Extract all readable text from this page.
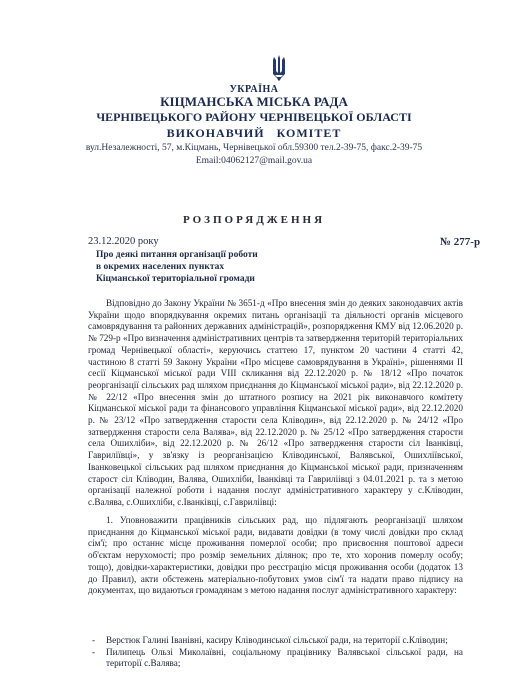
УКРАЇНА
КІЦМАНСЬКА МІСЬКА РАДА
ЧЕРНІВЕЦЬКОГО РАЙОНУ ЧЕРНІВЕЦЬКОЇ ОБЛАСТІ
ВИКОНАВЧИЙ КОМІТЕТ
вул.Незалежності, 57, м.Кіцмань, Чернівецької обл.59300 тел.2-39-75, факс.2-39-75
Email:04062127@mail.gov.ua
РОЗПОРЯДЖЕННЯ
23.12.2020 року	№ 277-р
Про деякі питання організації роботи
в окремих населених пунктах
Кіцманської територіальної громади
Відповідно до Закону України № 3651-д «Про внесення змін до деяких законодавчих актів України щодо впорядкування окремих питань організації та діяльності органів місцевого самоврядування та районних державних адміністрацій», розпорядження КМУ від 12.06.2020 р. № 729-р «Про визначення адміністративних центрів та затвердження територій територіальних громад Чернівецької області», керуючись статтею 17, пунктом 20 частини 4 статті 42, частиною 8 статті 59 Закону України «Про місцеве самоврядування в Україні», рішеннями ІІ сесії Кіцманської міської ради VІІІ скликання від 22.12.2020 р. № 18/12 «Про початок реорганізації сільських рад шляхом приєднання до Кіцманської міської ради», від 22.12.2020 р. № 22/12 «Про внесення змін до штатного розпису на 2021 рік виконавчого комітету Кіцманської міської ради та фінансового управління Кіцманської міської ради», від 22.12.2020 р. № 23/12 «Про затвердження старости села Кліводин», від 22.12.2020 р. № 24/12 «Про затвердження старости села Валява», від 22.12.2020 р. № 25/12 «Про затвердження старости села Ошихліби», від 22.12.2020 р. № 26/12 «Про затвердження старости сіл Іванківці, Гавриліївці», у зв'язку із реорганізацією Кліводинської, Валявської, Ошихліївської, Іванковецької сільських рад шляхом приєднання до Кіцманської міської ради, призначенням старост сіл Кліводин, Валява, Ошихліби, Іванківці та Гавриліівці з 04.01.2021 р. та з метою організації належної роботи і надання послуг адміністративного характеру у с.Кліводин, с.Валява, с.Ошихліби, с.Іванківці, с.Гавриліівці:
1. Уповноважити працівників сільських рад, що підлягають реорганізації шляхом приєднання до Кіцманської міської ради, видавати довідки (в тому числі довідки про склад сім'ї; про останнє місце проживання померлої особи; про присвоєння поштової адреси об'єктам нерухомості; про розмір земельних ділянок; про те, хто хоронив померлу особу; тощо), довідки-характеристики, довідки про реєстрацію місця проживання особи (додаток 13 до Правил), акти обстежень матеріально-побутових умов сім'ї та надати право підпису на документах, що видаються громадянам з метою надання послуг адміністративного характеру:
- Верстюк Галині Іванівні, касиру Кліводинської сільської ради, на території с.Кліводин;
- Пилипець Ользі Миколаївні, соціальному працівнику Валявської сільської ради, на території с.Валява;
